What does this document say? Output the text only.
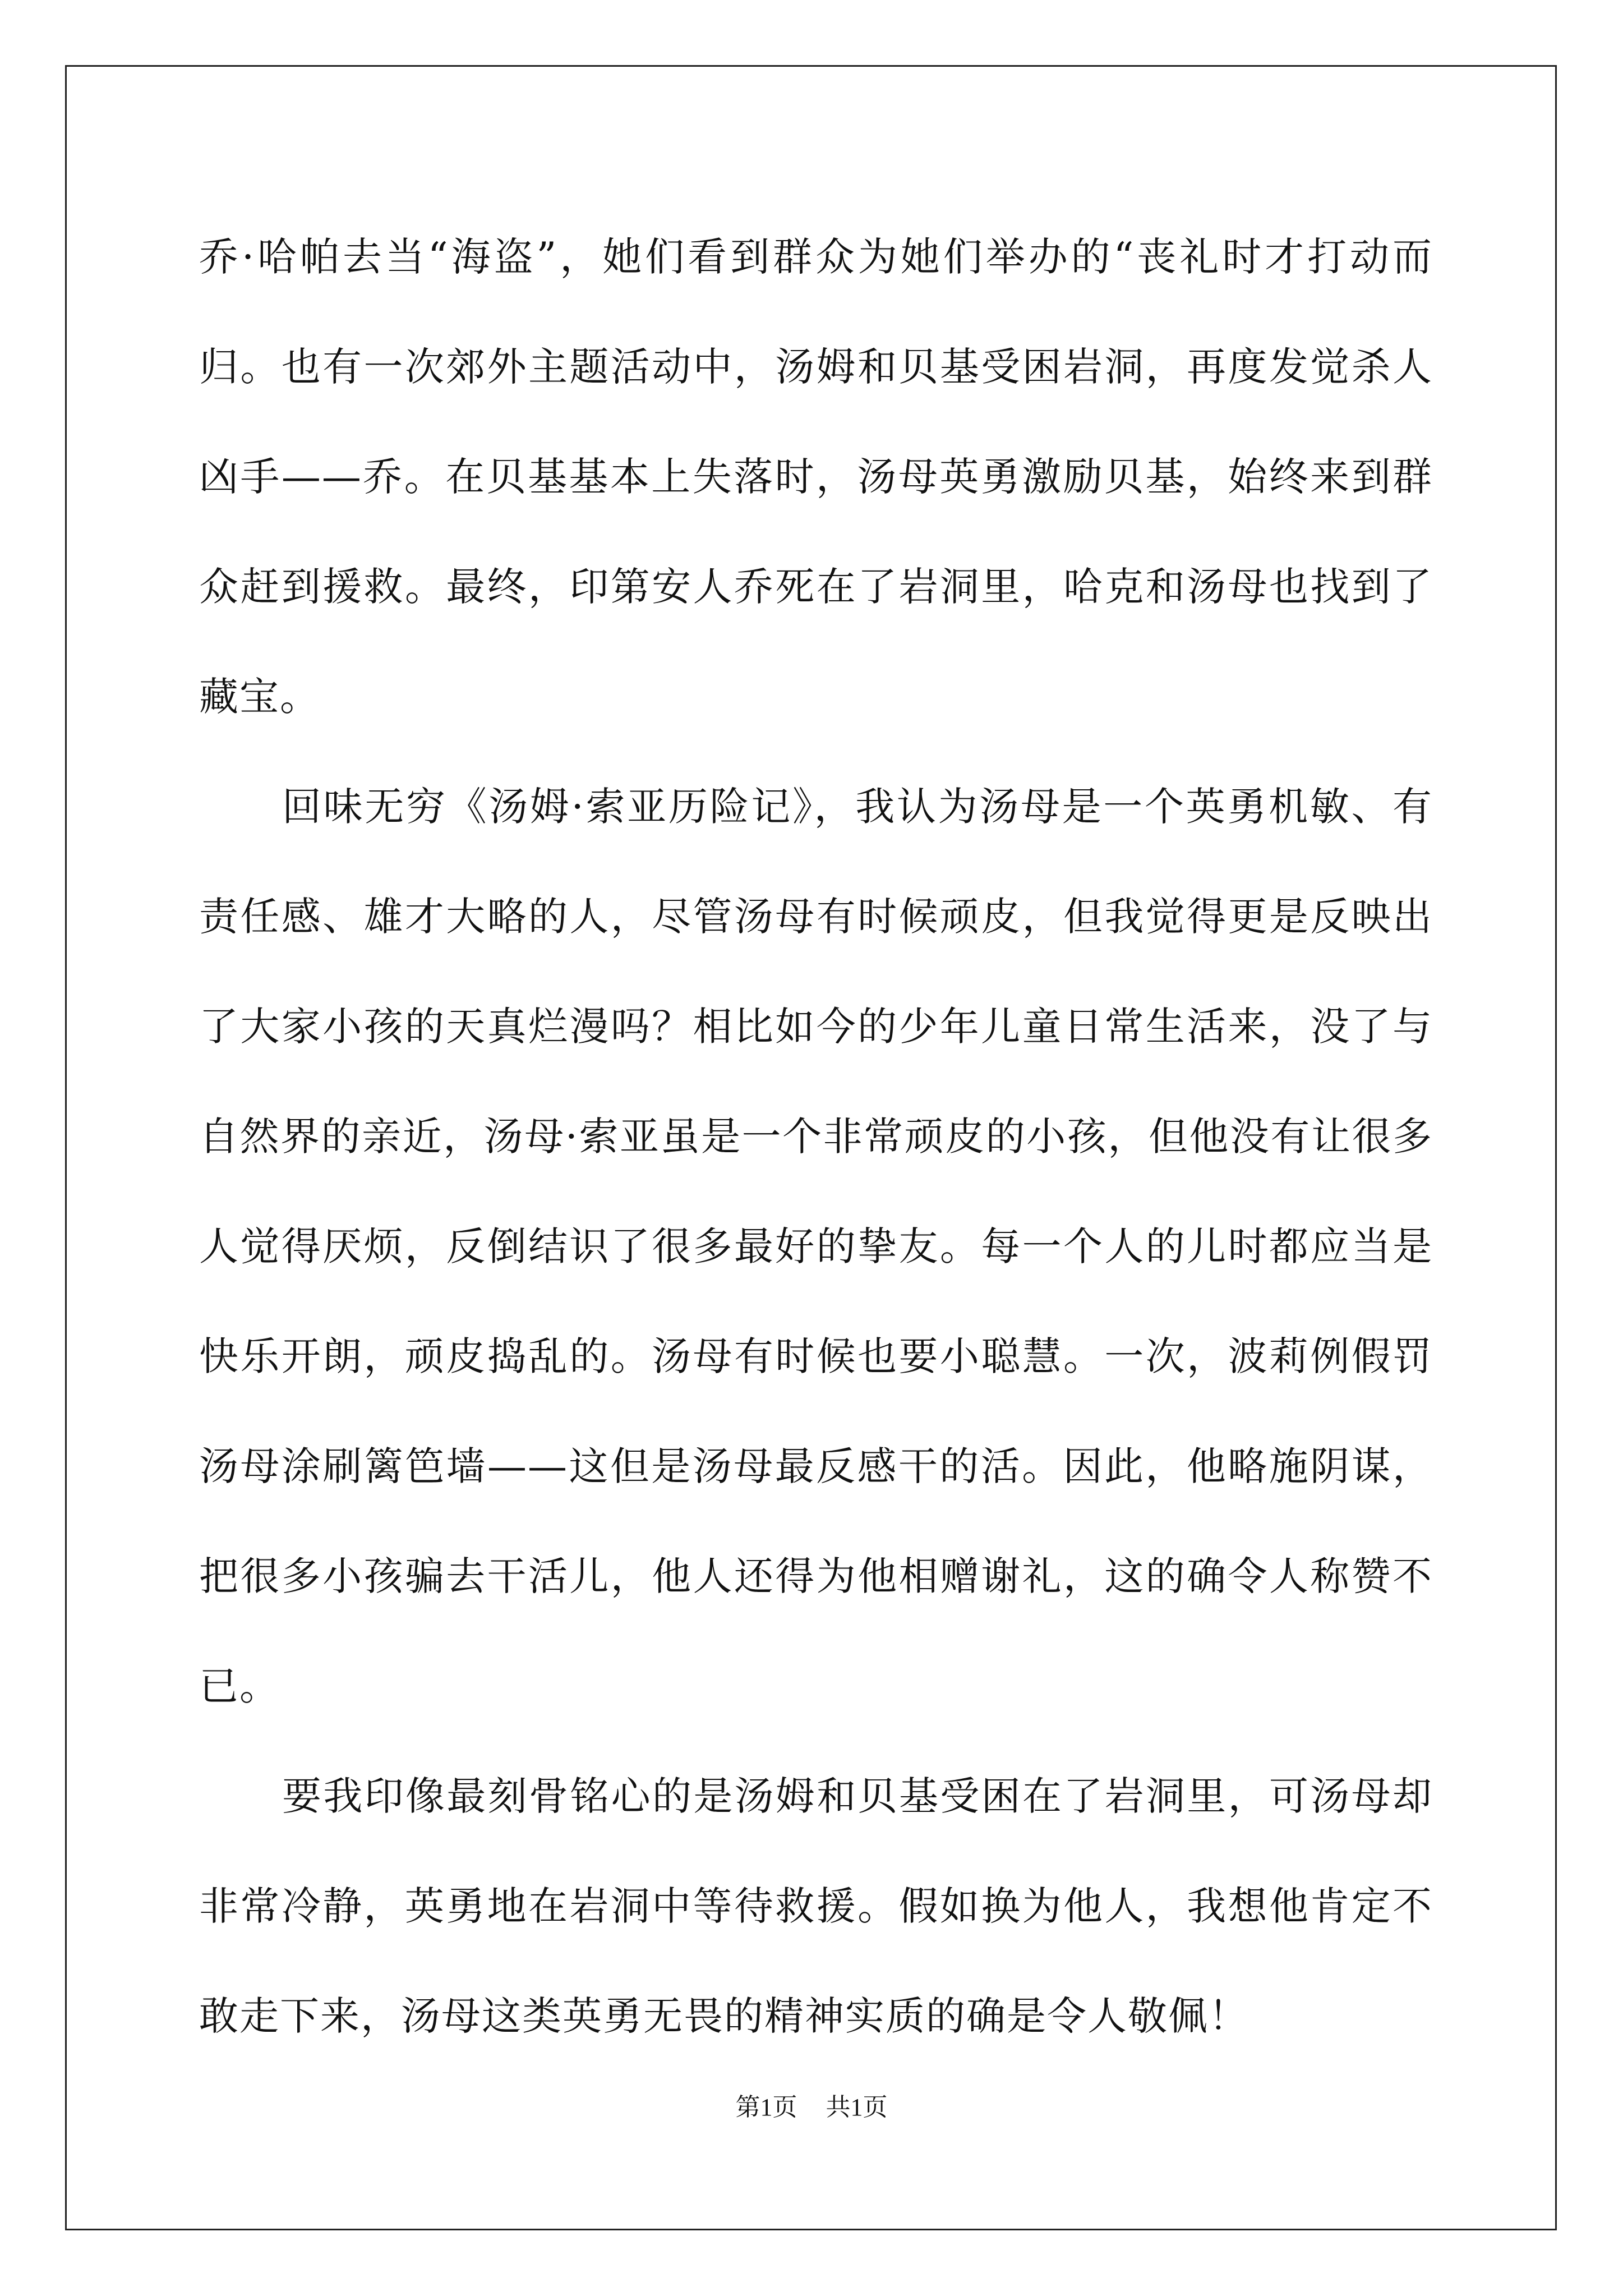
乔·哈帕去当“海盗”，她们看到群众为她们举办的“丧礼时才打动而归。也有一次郊外主题活动中，汤姆和贝基受困岩洞，再度发觉杀人凶手——乔。在贝基基本上失落时，汤母英勇激励贝基，始终来到群众赶到援救。最终，印第安人乔死在了岩洞里，哈克和汤母也找到了藏宝。

回味无穷《汤姆·索亚历险记》，我认为汤母是一个英勇机敏、有责任感、雄才大略的人，尽管汤母有时候顽皮，但我觉得更是反映出了大家小孩的天真烂漫吗？相比如今的少年儿童日常生活来，没了与自然界的亲近，汤母·索亚虽是一个非常顽皮的小孩，但他没有让很多人觉得厌烦，反倒结识了很多最好的挚友。每一个人的儿时都应当是快乐开朗，顽皮捣乱的。汤母有时候也要小聪慧。一次，波莉例假罚汤母涂刷篱笆墙——这但是汤母最反感干的活。因此，他略施阴谋，把很多小孩骗去干活儿，他人还得为他相赠谢礼，这的确令人称赞不已。

要我印像最刻骨铭心的是汤姆和贝基受困在了岩洞里，可汤母却非常冷静，英勇地在岩洞中等待救援。假如换为他人，我想他肯定不敢走下来，汤母这类英勇无畏的精神实质的确是令人敬佩！

第1页 共1页
